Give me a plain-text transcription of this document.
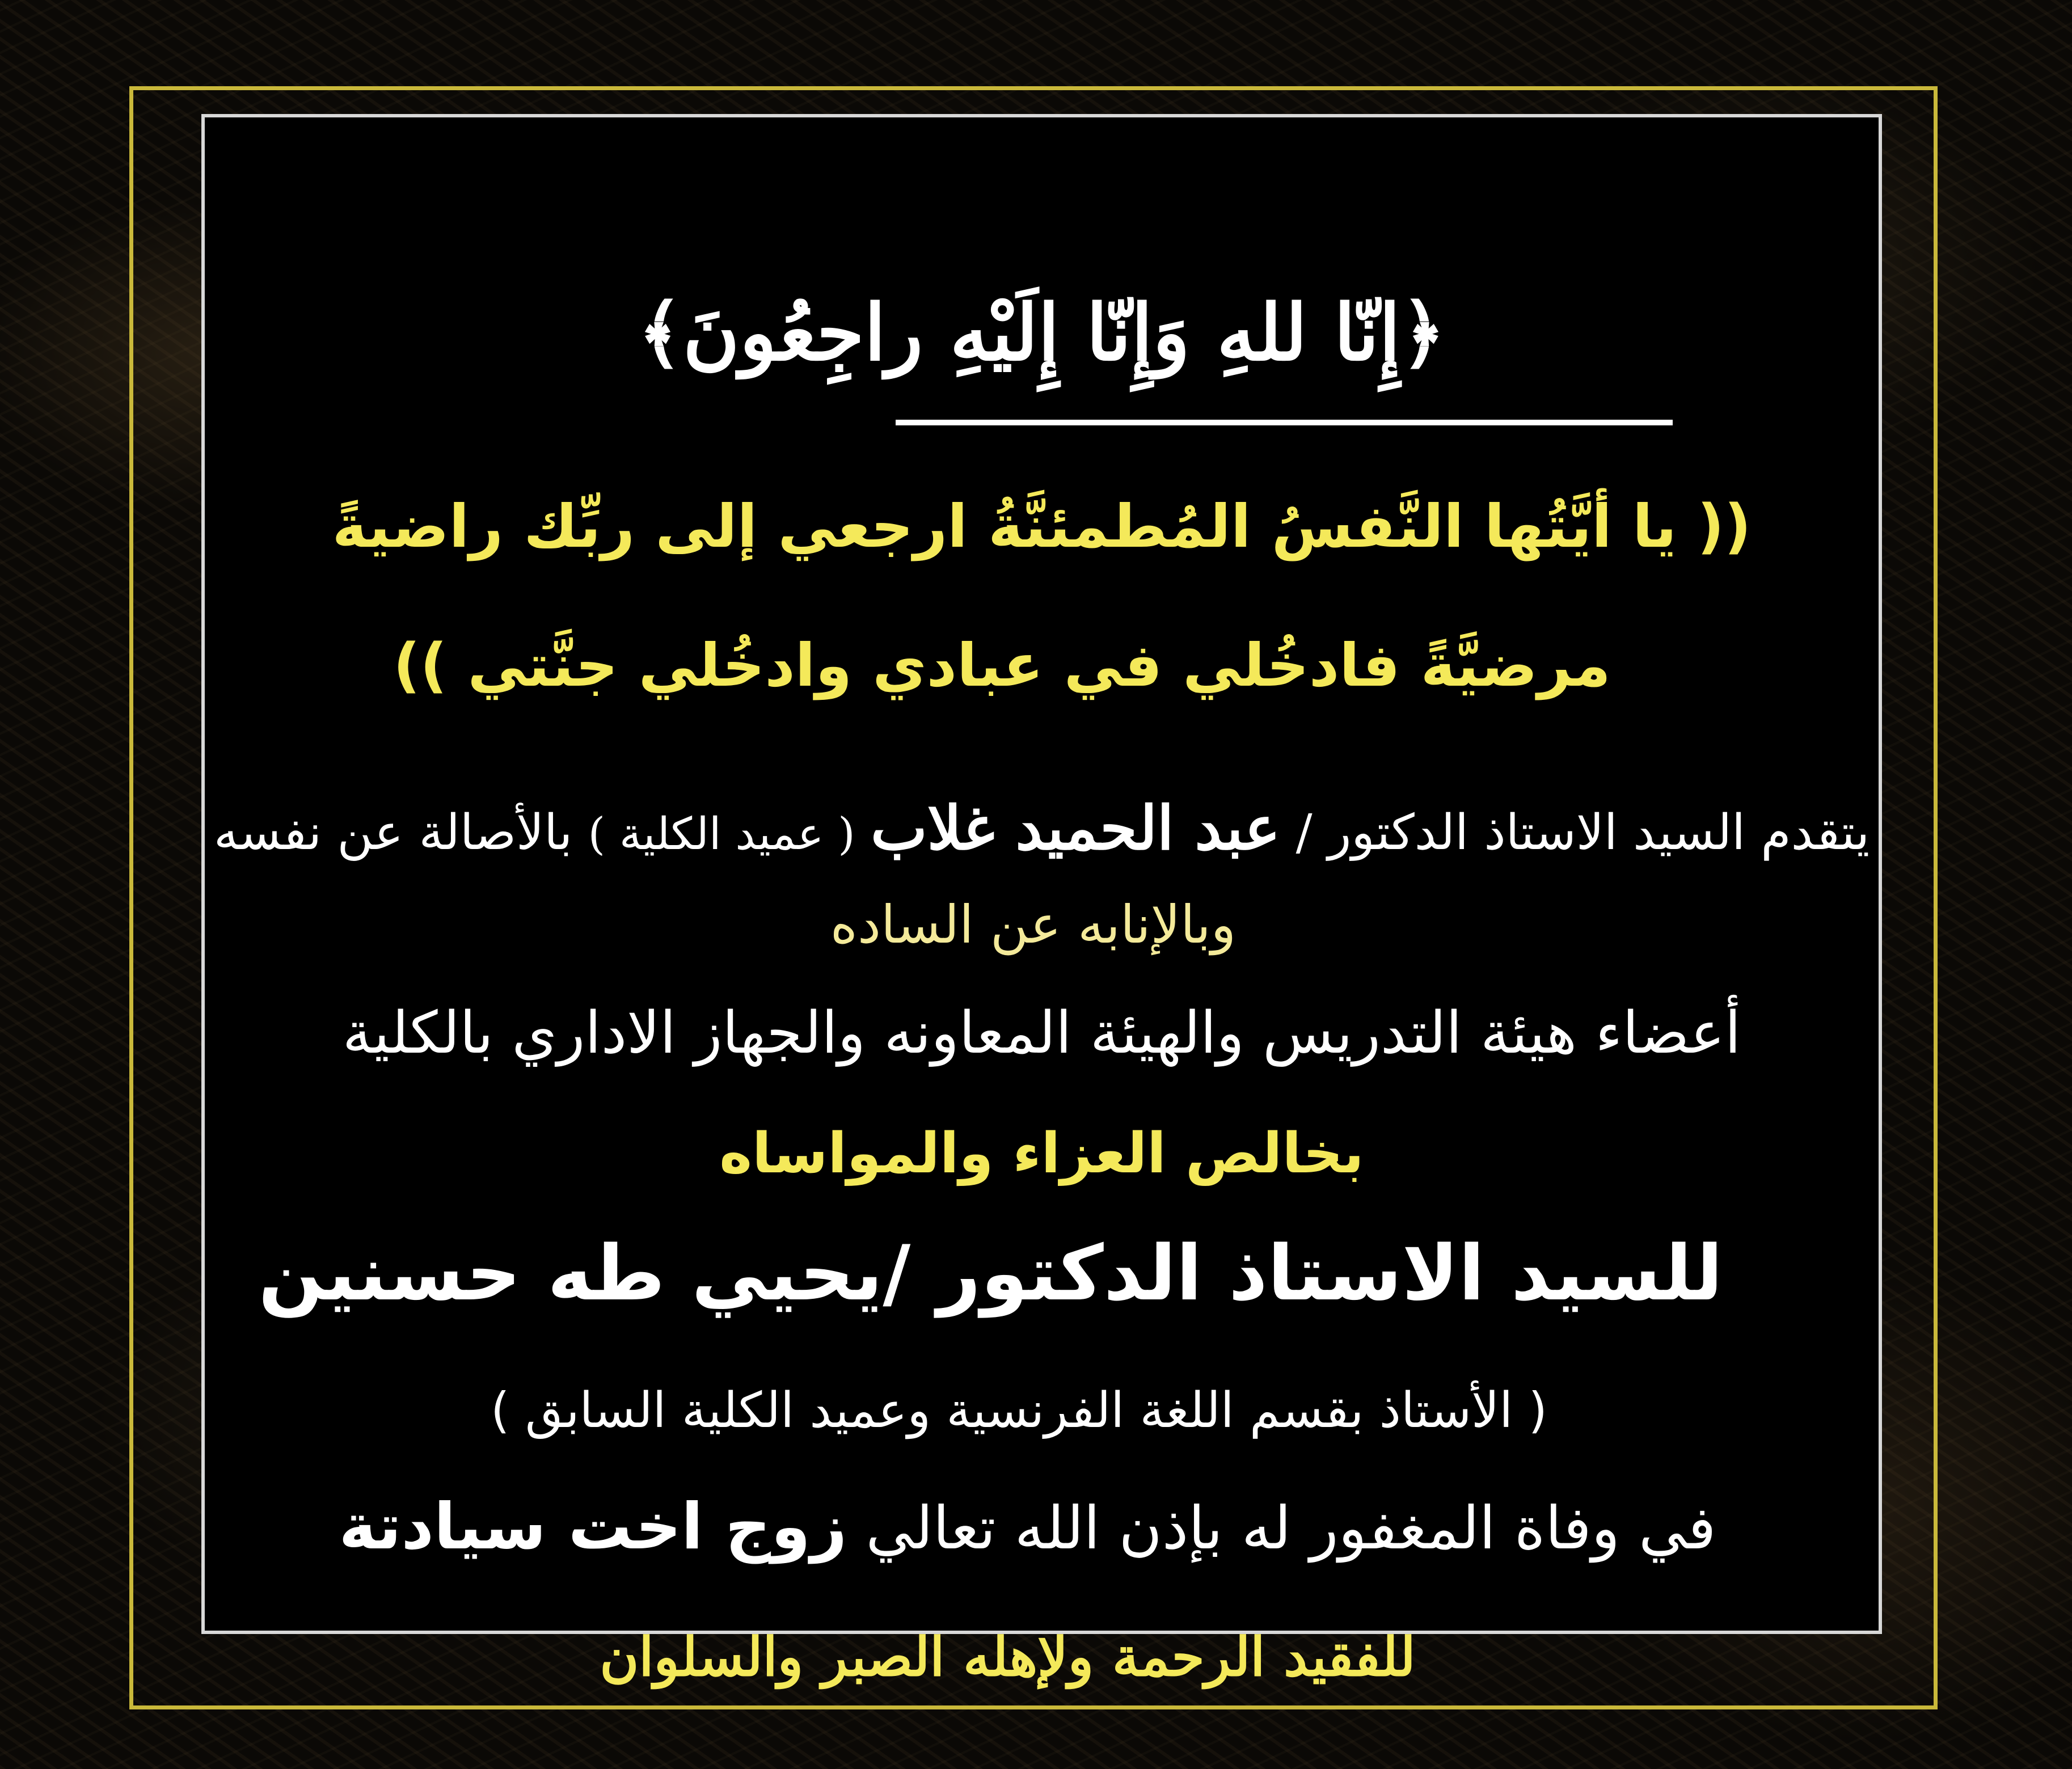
﴿إِنّا للهِ وَإِنّا إِلَيْهِ راجِعُونَ﴾
(( يا أيَّتُها النَّفسُ المُطمئنَّةُ ارجعي إلى ربِّك راضيةً
مرضيَّةً فادخُلي في عبادي وادخُلي جنَّتي ))
يتقدم السيد الاستاذ الدكتور / عبد الحميد غلاب ( عميد الكلية ) بالأصالة عن نفسه
وبالإنابه عن الساده
أعضاء هيئة التدريس والهيئة المعاونه والجهاز الاداري بالكلية
بخالص العزاء والمواساه
للسيد الاستاذ الدكتور /يحيي طه حسنين
( الأستاذ بقسم اللغة الفرنسية وعميد الكلية السابق )
في وفاة المغفور له بإذن الله تعالي زوج اخت سيادتة
للفقيد الرحمة ولإهله الصبر والسلوان
